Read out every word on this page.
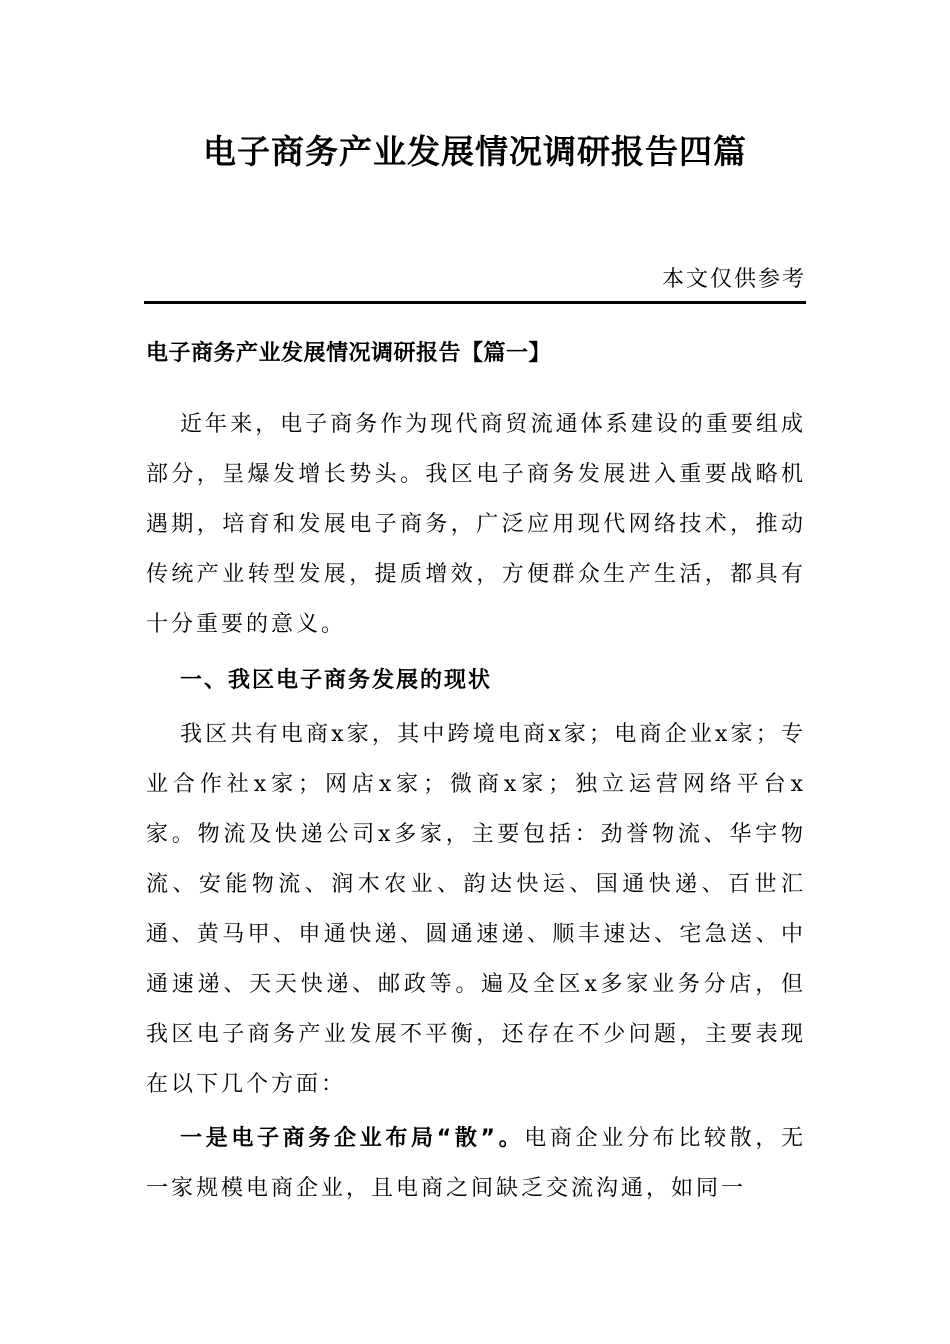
电子商务产业发展情况调研报告四篇
本文仅供参考
电子商务产业发展情况调研报告【篇一】
近年来，电子商务作为现代商贸流通体系建设的重要组成部分，呈爆发增长势头。我区电子商务发展进入重要战略机遇期，培育和发展电子商务，广泛应用现代网络技术，推动传统产业转型发展，提质增效，方便群众生产生活，都具有十分重要的意义。
一、我区电子商务发展的现状
我区共有电商x家，其中跨境电商x家；电商企业x家；专业合作社x家；网店x家；微商x家；独立运营网络平台x家。物流及快递公司x多家，主要包括：劲誉物流、华宇物流、安能物流、润木农业、韵达快运、国通快递、百世汇通、黄马甲、申通快递、圆通速递、顺丰速达、宅急送、中通速递、天天快递、邮政等。遍及全区x多家业务分店，但我区电子商务产业发展不平衡，还存在不少问题，主要表现在以下几个方面：
一是电子商务企业布局“散”。电商企业分布比较散，无一家规模电商企业，且电商之间缺乏交流沟通，如同一
